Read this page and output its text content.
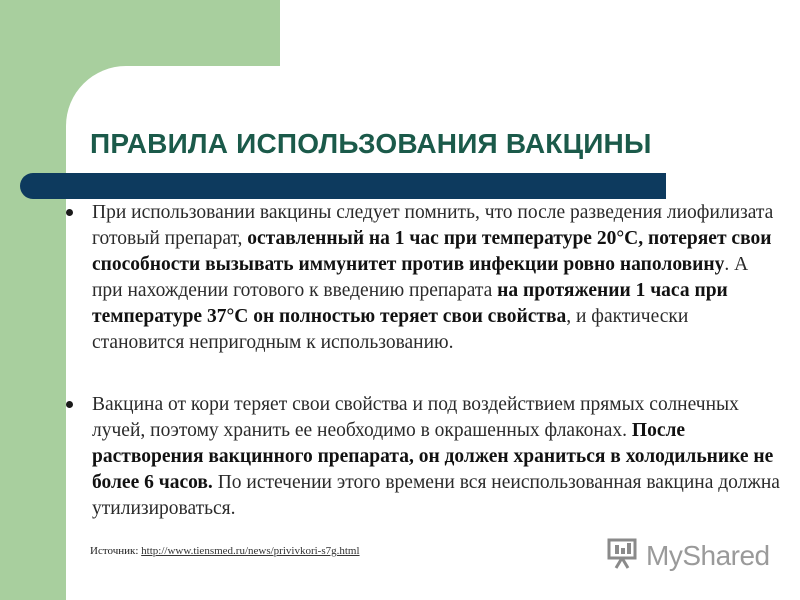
ПРАВИЛА ИСПОЛЬЗОВАНИЯ ВАКЦИНЫ
При использовании вакцины следует помнить, что после разведения лиофилизата готовый препарат, оставленный на 1 час при температуре 20°С, потеряет свои способности вызывать иммунитет против инфекции ровно наполовину. А при нахождении готового к введению препарата на протяжении 1 часа при температуре 37°С он полностью теряет свои свойства, и фактически становится непригодным к использованию.
Вакцина от кори теряет свои свойства и под воздействием прямых солнечных лучей, поэтому хранить ее необходимо в окрашенных флаконах. После растворения вакцинного препарата, он должен храниться в холодильнике не более 6 часов. По истечении этого времени вся неиспользованная вакцина должна утилизироваться.
Источник: http://www.tiensmed.ru/news/privivkori-s7g.html	MyShared
